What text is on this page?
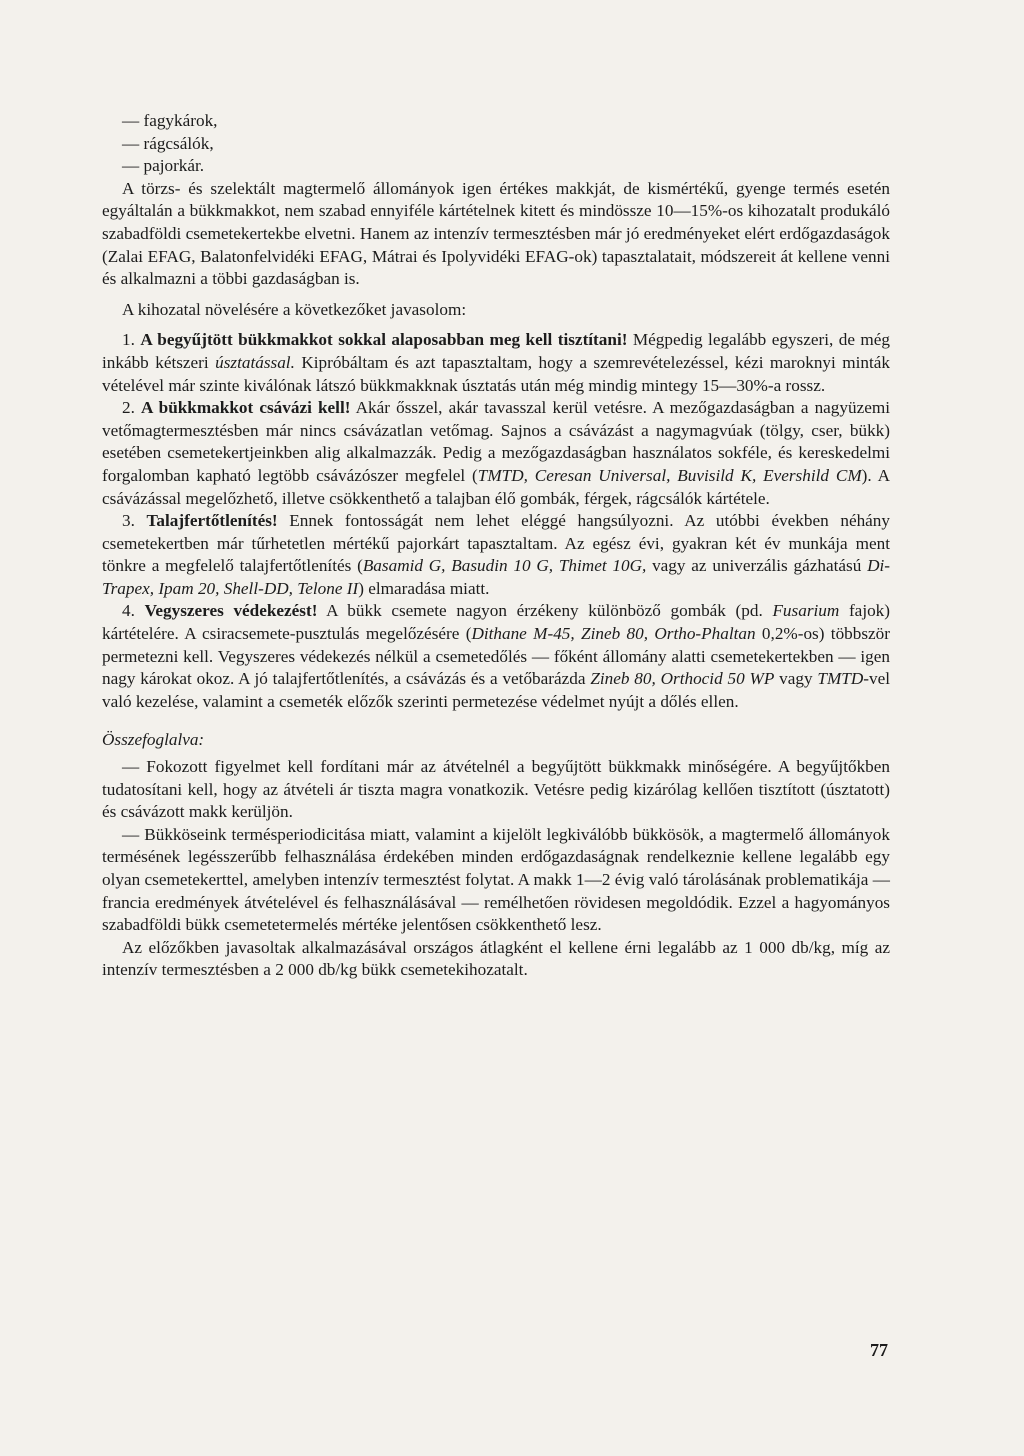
— fagykárok,

— rágcsálók,

— pajorkár.

A törzs- és szelektált magtermelő állományok igen értékes makkját, de kismértékű, gyenge termés esetén egyáltalán a bükkmakkot, nem szabad ennyiféle kártételnek kitett és mindössze 10—15%-os kihozatalt produkáló szabadföldi csemetekertekbe elvetni. Hanem az intenzív termesztésben már jó eredményeket elért erdőgazdaságok (Zalai EFAG, Balatonfelvidéki EFAG, Mátrai és Ipolyvidéki EFAG-ok) tapasztalatait, módszereit át kellene venni és alkalmazni a többi gazdaságban is.

A kihozatal növelésére a következőket javasolom:

1. A begyűjtött bükkmakkot sokkal alaposabban meg kell tisztítani! Mégpedig legalább egyszeri, de még inkább kétszeri úsztatással. Kipróbáltam és azt tapasztaltam, hogy a szemrevételezéssel, kézi maroknyi minták vételével már szinte kiválónak látszó bükkmakknak úsztatás után még mindig mintegy 15—30%-a rossz.

2. A bükkmakkot csávázi kell! Akár ősszel, akár tavasszal kerül vetésre. A mezőgazdaságban a nagyüzemi vetőmagtermesztésben már nincs csávázatlan vetőmag. Sajnos a csávázást a nagymagvúak (tölgy, cser, bükk) esetében csemetekertjeinkben alig alkalmazzák. Pedig a mezőgazdaságban használatos sokféle, és kereskedelmi forgalomban kapható legtöbb csávázószer megfelel (TMTD, Ceresan Universal, Buvisild K, Evershild CM). A csávázással megelőzhető, illetve csökkenthető a talajban élő gombák, férgek, rágcsálók kártétele.

3. Talajfertőtlenítés! Ennek fontosságát nem lehet eléggé hangsúlyozni. Az utóbbi években néhány csemetekertben már tűrhetetlen mértékű pajorkárt tapasztaltam. Az egész évi, gyakran két év munkája ment tönkre a megfelelő talajfertőtlenítés (Basamid G, Basudin 10 G, Thimet 10G, vagy az univerzális gázhatású Di-Trapex, Ipam 20, Shell-DD, Telone II) elmaradása miatt.

4. Vegyszeres védekezést! A bükk csemete nagyon érzékeny különböző gombák (pd. Fusarium fajok) kártételére. A csiracsemete-pusztulás megelőzésére (Dithane M-45, Zineb 80, Ortho-Phaltan 0,2%-os) többször permetezni kell. Vegyszeres védekezés nélkül a csemetedőlés — főként állomány alatti csemetekertekben — igen nagy károkat okoz. A jó talajfertőtlenítés, a csávázás és a vetőbarázda Zineb 80, Orthocid 50 WP vagy TMTD-vel való kezelése, valamint a csemeték előzők szerinti permetezése védelmet nyújt a dőlés ellen.

Összefoglalva:

— Fokozott figyelmet kell fordítani már az átvételnél a begyűjtött bükkmakk minőségére. A begyűjtőkben tudatosítani kell, hogy az átvételi ár tiszta magra vonatkozik. Vetésre pedig kizárólag kellően tisztított (úsztatott) és csávázott makk kerüljön.

— Bükköseink termésperiodicitása miatt, valamint a kijelölt legkiválóbb bükkösök, a magtermelő állományok termésének legésszerűbb felhasználása érdekében minden erdőgazdaságnak rendelkeznie kellene legalább egy olyan csemetekerttel, amelyben intenzív termesztést folytat. A makk 1—2 évig való tárolásának problematikája — francia eredmények átvételével és felhasználásával — remélhetően rövidesen megoldódik. Ezzel a hagyományos szabadföldi bükk csemetetermelés mértéke jelentősen csökkenthető lesz.

Az előzőkben javasoltak alkalmazásával országos átlagként el kellene érni legalább az 1 000 db/kg, míg az intenzív termesztésben a 2 000 db/kg bükk csemetekihozatalt.

77
